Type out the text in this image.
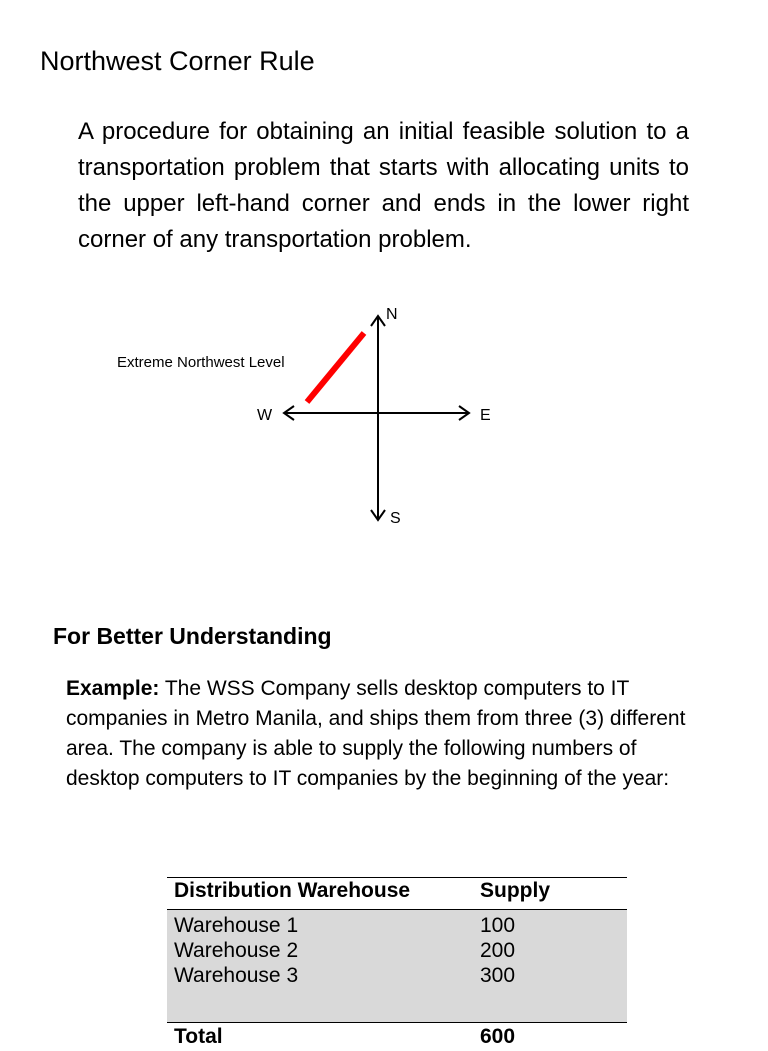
Northwest Corner Rule

A procedure for obtaining an initial feasible solution to a transportation problem that starts with allocating units to the upper left-hand corner and ends in the lower right corner of any transportation problem.

N
S
E
W
Extreme Northwest Level
For Better Understanding

Example: The WSS Company sells desktop computers to IT companies in Metro Manila, and ships them from three (3) different area. The company is able to supply the following numbers of desktop computers to IT companies by the beginning of the year:

Distribution Warehouse	Supply
Warehouse 1	100
Warehouse 2	200
Warehouse 3	300
Total	600
